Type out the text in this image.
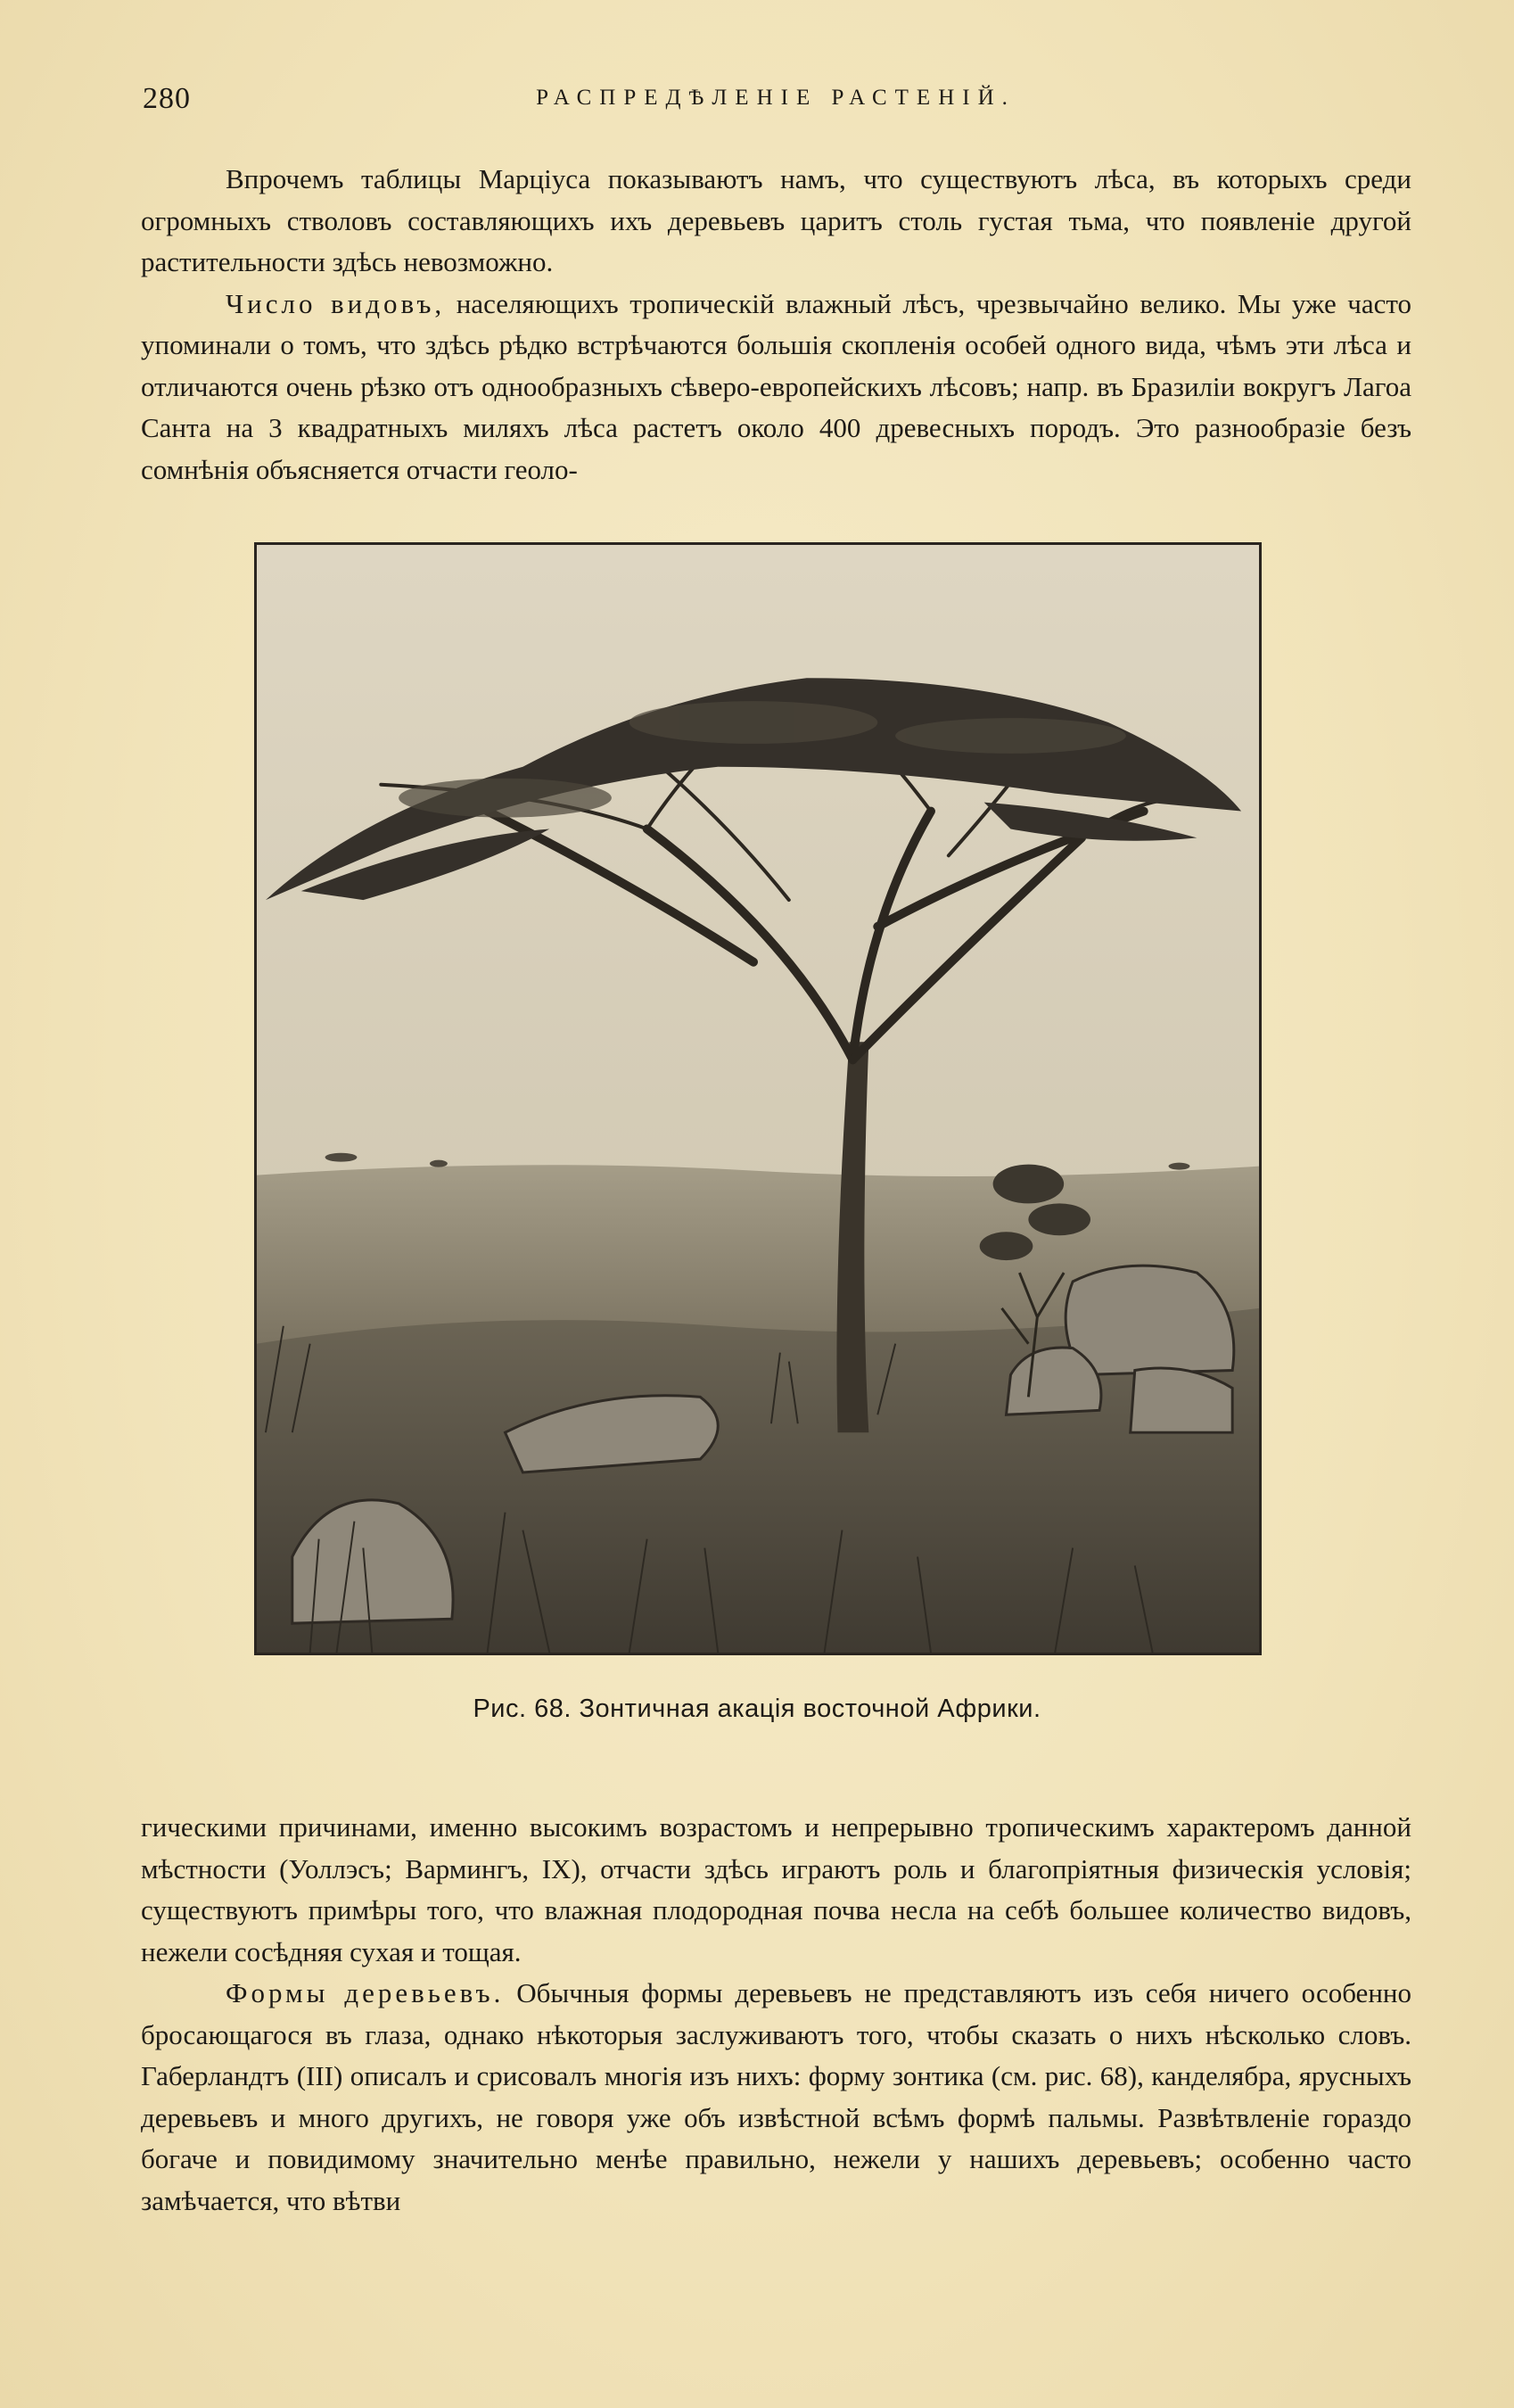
280	РАСПРЕДѢЛЕНІЕ РАСТЕНІЙ.

Впрочемъ таблицы Марціуса показываютъ намъ, что существуютъ лѣса, въ которыхъ среди огромныхъ стволовъ составляющихъ ихъ деревьевъ царитъ столь густая тьма, что появленіе другой растительности здѣсь невозможно.

Число видовъ, населяющихъ тропическій влажный лѣсъ, чрезвычайно велико. Мы уже часто упоминали о томъ, что здѣсь рѣдко встрѣчаются большія скопленія особей одного вида, чѣмъ эти лѣса и отличаются очень рѣзко отъ однообразныхъ сѣверо-европейскихъ лѣсовъ; напр. въ Бразиліи вокругъ Лагоа Санта на 3 квадратныхъ миляхъ лѣса растетъ около 400 древесныхъ породъ. Это разнообразіе безъ сомнѣнія объясняется отчасти геоло-

Рис. 68. Зонтичная акація восточной Африки.

гическими причинами, именно высокимъ возрастомъ и непрерывно тропическимъ характеромъ данной мѣстности (Уоллэсъ; Вармингъ, IX), отчасти здѣсь играютъ роль и благопріятныя физическія условія; существуютъ примѣры того, что влажная плодородная почва несла на себѣ большее количество видовъ, нежели сосѣдняя сухая и тощая.

Формы деревьевъ. Обычныя формы деревьевъ не представляютъ изъ себя ничего особенно бросающагося въ глаза, однако нѣкоторыя заслуживаютъ того, чтобы сказать о нихъ нѣсколько словъ. Габерландтъ (III) описалъ и срисовалъ многія изъ нихъ: форму зонтика (см. рис. 68), канделябра, ярусныхъ деревьевъ и много другихъ, не говоря уже объ извѣстной всѣмъ формѣ пальмы. Развѣтвленіе гораздо богаче и повидимому значительно менѣе правильно, нежели у нашихъ деревьевъ; особенно часто замѣчается, что вѣтви
